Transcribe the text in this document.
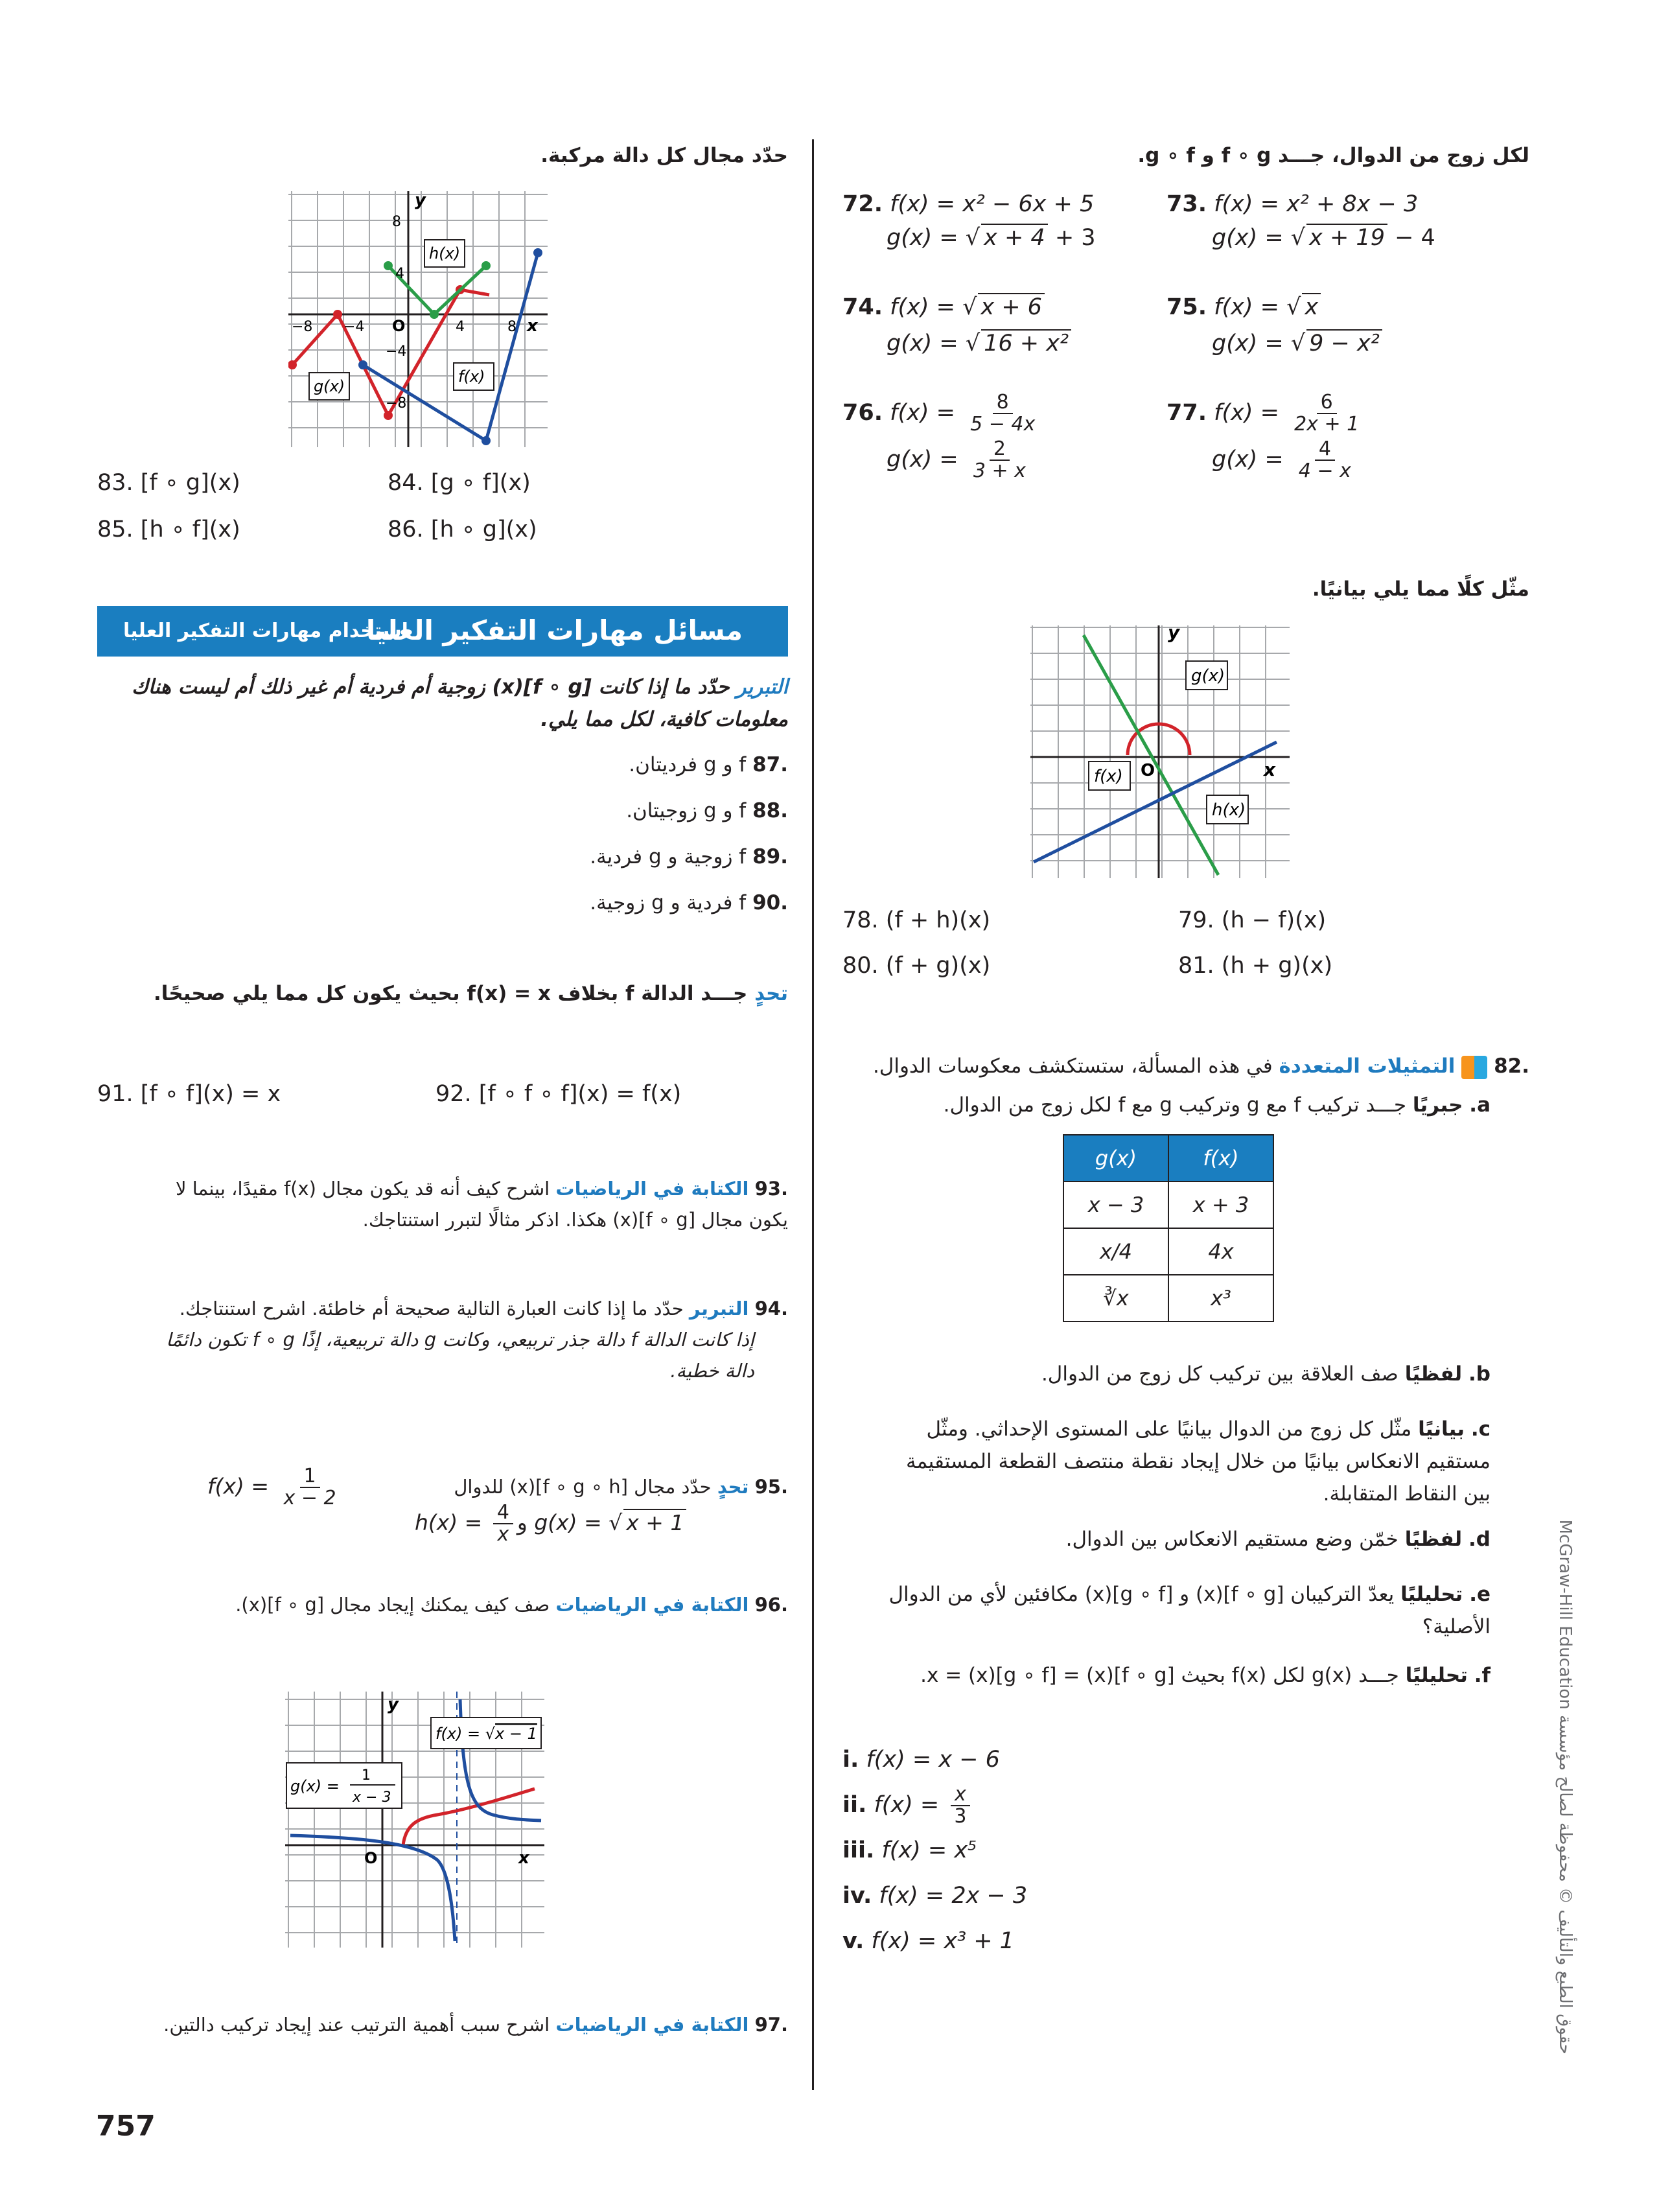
لكل زوج من الدوال، جـــد f ∘ g و g ∘ f.
72. f(x) = x² − 6x + 5
g(x) = √ x + 4 + 3
73. f(x) = x² + 8x − 3
g(x) = √ x + 19 − 4
74. f(x) = √ x + 6
g(x) = √ 16 + x²
75. f(x) = √ x
g(x) = √ 9 − x²
76. $f(x) = \frac{8}{5 - 4x}$
$g(x) = \frac{2}{3 + x}$
77. $f(x) = \frac{6}{2x + 1}$
$g(x) = \frac{4}{4 - x}$
مثّل كلًا مما يلي بيانيًا.
y
x
O
g(x)
f(x)
h(x)
78. (f + h)(x)	79. (h − f)(x)
80. (f + g)(x)	81. (h + g)(x)
.82  التمثيلات المتعددة في هذه المسألة، ستستكشف معكوسات الدوال.
a. جبريًا جـــد تركيب f مع g وتركيب g مع f لكل زوج من الدوال.
g(x)	f(x)
x − 3	x + 3
x/4	4x
∛x	x³
b. لفظيًا صف العلاقة بين تركيب كل زوج من الدوال.
c. بيانيًا مثّل كل زوج من الدوال بيانيًا على المستوى الإحداثي. ومثّل مستقيم الانعكاس بيانيًا من خلال إيجاد نقطة منتصف القطعة المستقيمة بين النقاط المتقابلة.
d. لفظيًا خمّن وضع مستقيم الانعكاس بين الدوال.
e. تحليليًا يعدّ التركيبان [f ∘ g](x) و [g ∘ f](x) مكافئين لأي من الدوال الأصلية؟
f. تحليليًا جـــد g(x) لكل f(x) بحيث [f ∘ g](x) = [g ∘ f](x) = x.
i. f(x) = x − 6
ii. $f(x) = \frac{x}{3}$
iii. f(x) = x⁵
iv. f(x) = 2x − 3
v. f(x) = x³ + 1
حدّد مجال كل دالة مركبة.
y
x
O
8
4
−4
−8
−8 −4	4	8
h(x)
g(x)
f(x)
83. [f ∘ g](x)	84. [g ∘ f](x)
85. [h ∘ f](x)	86. [h ∘ g](x)
مسائل مهارات التفكير العليا
استخدام مهارات التفكير العليا
التبرير حدّد ما إذا كانت [f ∘ g](x) زوجية أم فردية أم غير ذلك أم ليست هناك معلومات كافية، لكل مما يلي.
.87 f و g فرديتان.
.88 f و g زوجيتان.
.89 f زوجية و g فردية.
.90 f فردية و g زوجية.
تحدٍ جـــد الدالة f بخلاف f(x) = x بحيث يكون كل مما يلي صحيحًا.
91. [f ∘ f](x) = x	92. [f ∘ f ∘ f](x) = f(x)
.93 الكتابة في الرياضيات اشرح كيف أنه قد يكون مجال f(x) مقيدًا، بينما لا يكون مجال [f ∘ g](x) هكذا. اذكر مثالًا لتبرر استنتاجك.
.94 التبرير حدّد ما إذا كانت العبارة التالية صحيحة أم خاطئة. اشرح استنتاجك.
إذا كانت الدالة f دالة جذر تربيعي، وكانت g دالة تربيعية، إذًا f ∘ g تكون دائمًا دالة خطية.
.95 تحدٍ حدّد مجال [f ∘ g ∘ h](x) للدوال
$f(x) = \frac{1}{x - 2}$
$h(x) = \frac{4}{x}$ و g(x) = √ x + 1
.96 الكتابة في الرياضيات صف كيف يمكنك إيجاد مجال [f ∘ g](x).
y
x
O
f(x) = √x − 1
g(x) =
1
x − 3
.97 الكتابة في الرياضيات اشرح سبب أهمية الترتيب عند إيجاد تركيب دالتين.
757
حقوق الطبع والتأليف © محفوظة لصالح مؤسسة McGraw-Hill Education
